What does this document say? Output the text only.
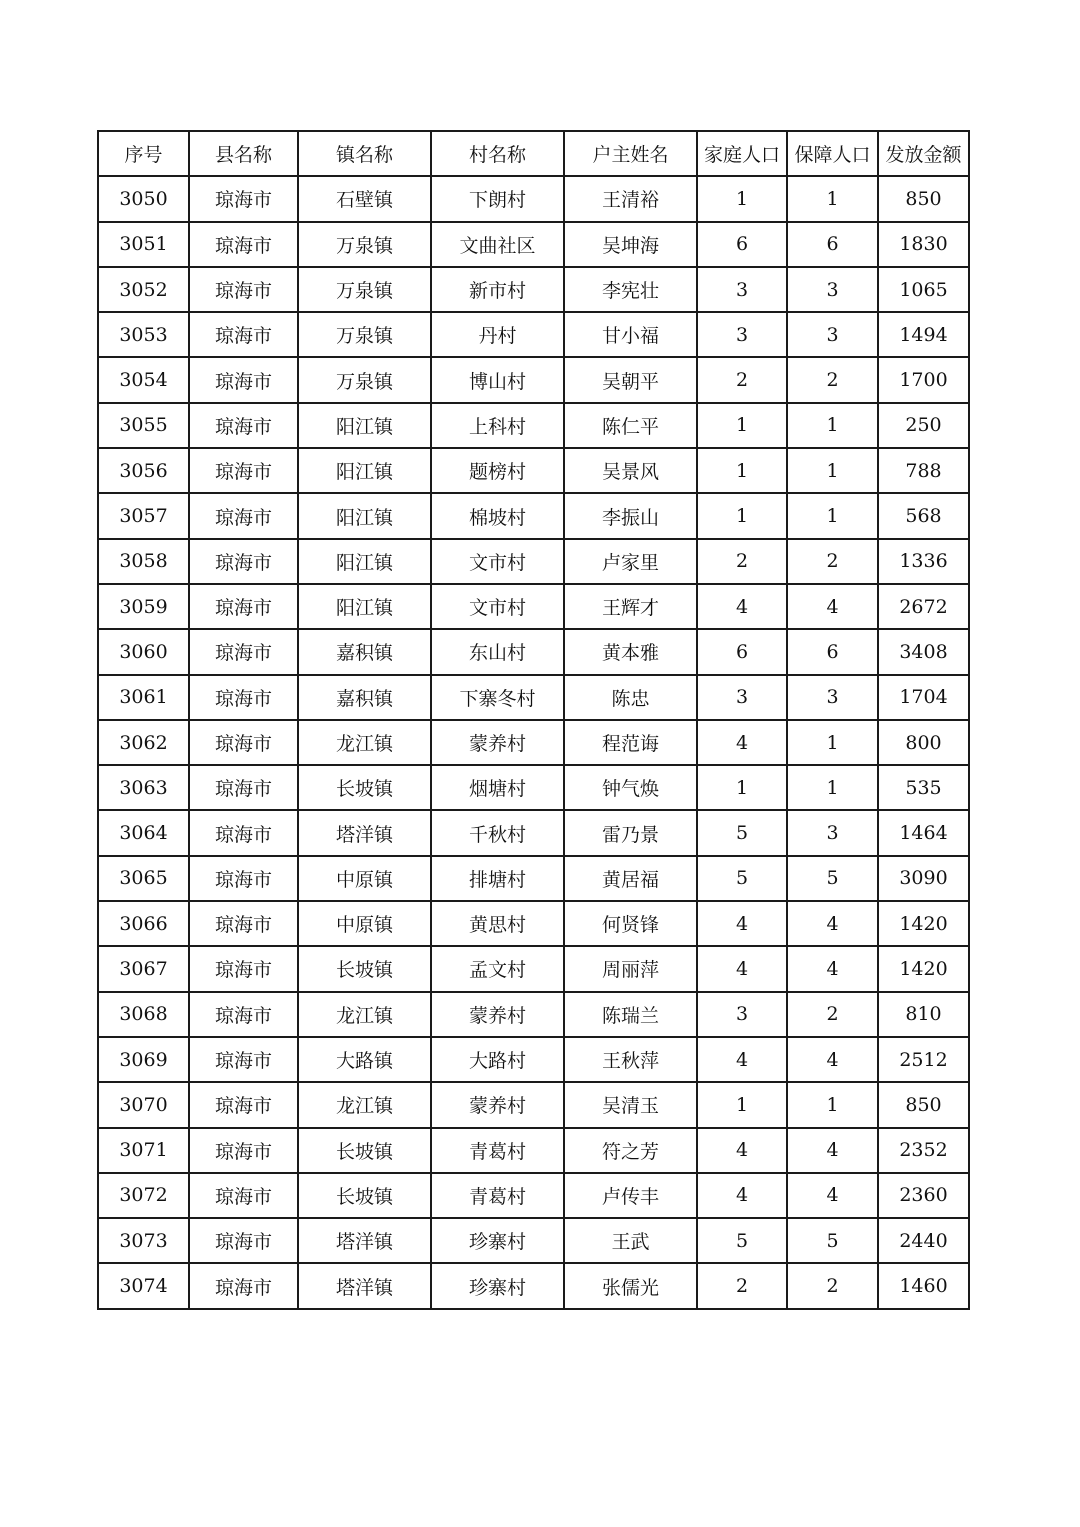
序号	县名称	镇名称	村名称	户主姓名	家庭人口	保障人口	发放金额
3050	琼海市	石壁镇	下朗村	王清裕	1	1	850
3051	琼海市	万泉镇	文曲社区	吴坤海	6	6	1830
3052	琼海市	万泉镇	新市村	李宪壮	3	3	1065
3053	琼海市	万泉镇	丹村	甘小福	3	3	1494
3054	琼海市	万泉镇	博山村	吴朝平	2	2	1700
3055	琼海市	阳江镇	上科村	陈仁平	1	1	250
3056	琼海市	阳江镇	题榜村	吴景风	1	1	788
3057	琼海市	阳江镇	棉坡村	李振山	1	1	568
3058	琼海市	阳江镇	文市村	卢家里	2	2	1336
3059	琼海市	阳江镇	文市村	王辉才	4	4	2672
3060	琼海市	嘉积镇	东山村	黄本雅	6	6	3408
3061	琼海市	嘉积镇	下寨冬村	陈忠	3	3	1704
3062	琼海市	龙江镇	蒙养村	程范诲	4	1	800
3063	琼海市	长坡镇	烟塘村	钟气焕	1	1	535
3064	琼海市	塔洋镇	千秋村	雷乃景	5	3	1464
3065	琼海市	中原镇	排塘村	黄居福	5	5	3090
3066	琼海市	中原镇	黄思村	何贤锋	4	4	1420
3067	琼海市	长坡镇	孟文村	周丽萍	4	4	1420
3068	琼海市	龙江镇	蒙养村	陈瑞兰	3	2	810
3069	琼海市	大路镇	大路村	王秋萍	4	4	2512
3070	琼海市	龙江镇	蒙养村	吴清玉	1	1	850
3071	琼海市	长坡镇	青葛村	符之芳	4	4	2352
3072	琼海市	长坡镇	青葛村	卢传丰	4	4	2360
3073	琼海市	塔洋镇	珍寨村	王武	5	5	2440
3074	琼海市	塔洋镇	珍寨村	张儒光	2	2	1460
